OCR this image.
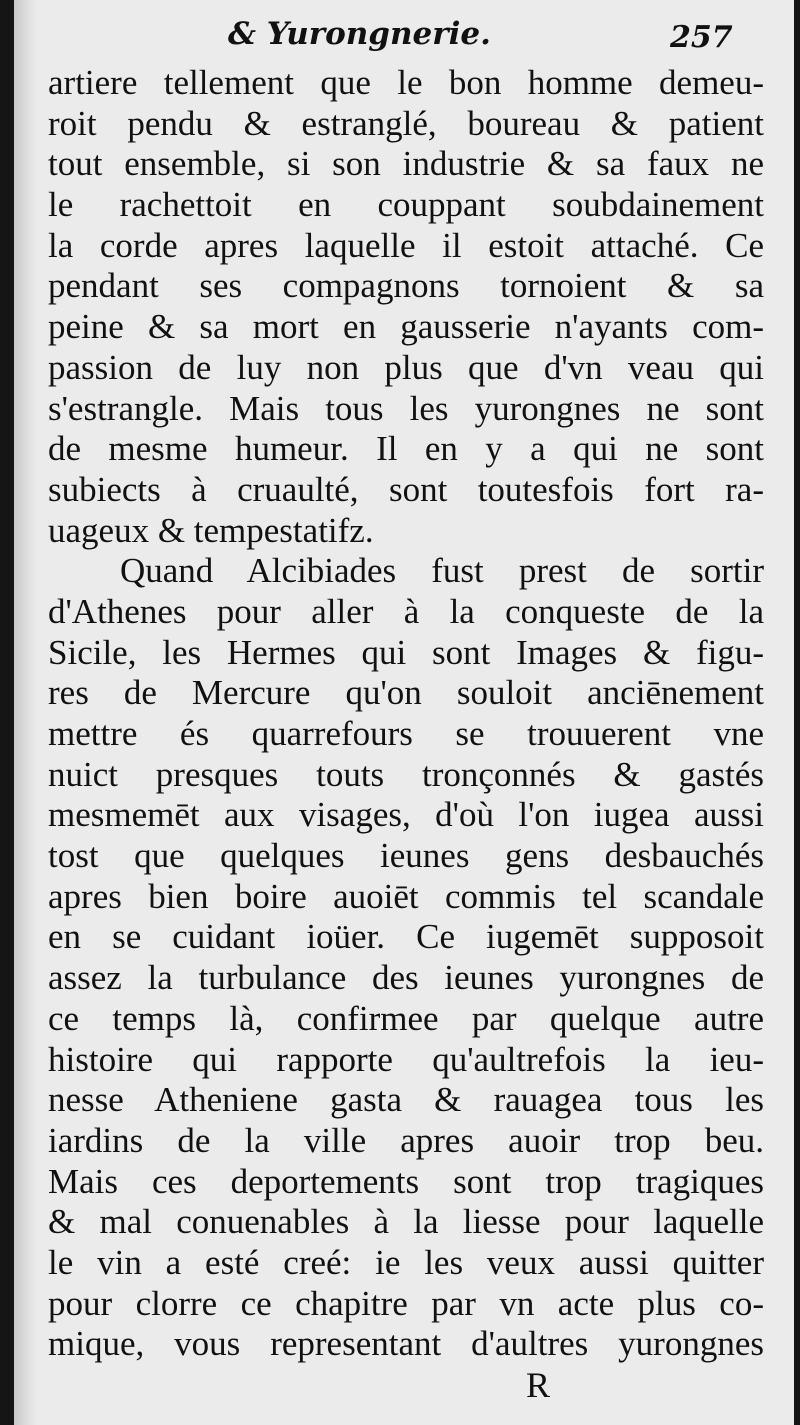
& Yurongnerie.	257
artiere tellement que le bon homme demeu-
roit pendu & estranglé, boureau & patient
tout ensemble, si son industrie & sa faux ne
le rachettoit en couppant soubdainement
la corde apres laquelle il estoit attaché. Ce
pendant ses compagnons tornoient & sa
peine & sa mort en gausserie n'ayants com-
passion de luy non plus que d'vn veau qui
s'estrangle. Mais tous les yurongnes ne sont
de mesme humeur. Il en y a qui ne sont
subiects à cruaulté, sont toutesfois fort ra-
uageux & tempestatifz.
Quand Alcibiades fust prest de sortir
d'Athenes pour aller à la conqueste de la
Sicile, les Hermes qui sont Images & figu-
res de Mercure qu'on souloit anciēnement
mettre és quarrefours se trouuerent vne
nuict presques touts tronçonnés & gastés
mesmemēt aux visages, d'où l'on iugea aussi
tost que quelques ieunes gens desbauchés
apres bien boire auoiēt commis tel scandale
en se cuidant ioüer. Ce iugemēt supposoit
assez la turbulance des ieunes yurongnes de
ce temps là, confirmee par quelque autre
histoire qui rapporte qu'aultrefois la ieu-
nesse Atheniene gasta & rauagea tous les
iardins de la ville apres auoir trop beu.
Mais ces deportements sont trop tragiques
& mal conuenables à la liesse pour laquelle
le vin a esté creé: ie les veux aussi quitter
pour clorre ce chapitre par vn acte plus co-
mique, vous representant d'aultres yurongnes
R
